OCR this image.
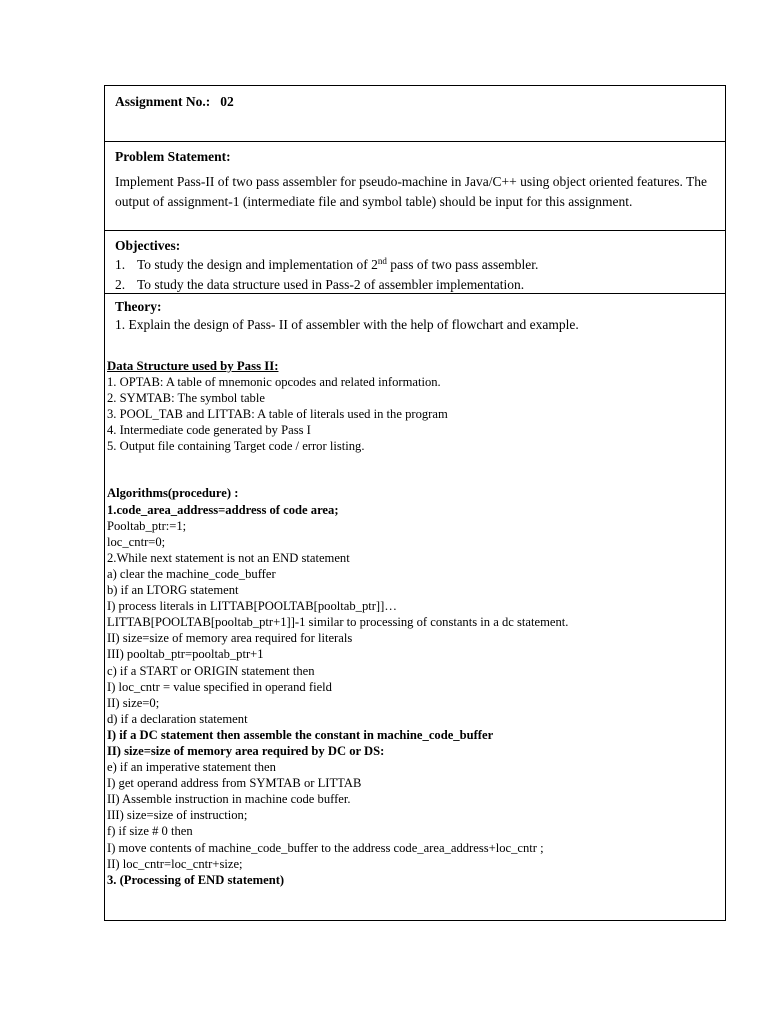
Assignment No.: 02
Problem Statement:
Implement Pass-II of two pass assembler for pseudo-machine in Java/C++ using object oriented features. The output of assignment-1 (intermediate file and symbol table) should be input for this assignment.
Objectives:
1. To study the design and implementation of 2nd pass of two pass assembler.
2. To study the data structure used in Pass-2 of assembler implementation.
Theory:
1. Explain the design of Pass- II of assembler with the help of flowchart and example.
Data Structure used by Pass II:
1. OPTAB: A table of mnemonic opcodes and related information.
2. SYMTAB: The symbol table
3. POOL_TAB and LITTAB: A table of literals used in the program
4. Intermediate code generated by Pass I
5. Output file containing Target code / error listing.
Algorithms(procedure) :
1.code_area_address=address of code area;
Pooltab_ptr:=1;
loc_cntr=0;
2.While next statement is not an END statement
a) clear the machine_code_buffer
b) if an LTORG statement
I) process literals in LITTAB[POOLTAB[pooltab_ptr]]…
LITTAB[POOLTAB[pooltab_ptr+1]]-1 similar to processing of constants in a dc statement.
II) size=size of memory area required for literals
III) pooltab_ptr=pooltab_ptr+1
c) if a START or ORIGIN statement then
I) loc_cntr = value specified in operand field
II) size=0;
d) if a declaration statement
I) if a DC statement then assemble the constant in machine_code_buffer
II) size=size of memory area required by DC or DS:
e) if an imperative statement then
I) get operand address from SYMTAB or LITTAB
II) Assemble instruction in machine code buffer.
III) size=size of instruction;
f) if size # 0 then
I) move contents of machine_code_buffer to the address code_area_address+loc_cntr ;
II) loc_cntr=loc_cntr+size;
3. (Processing of END statement)
